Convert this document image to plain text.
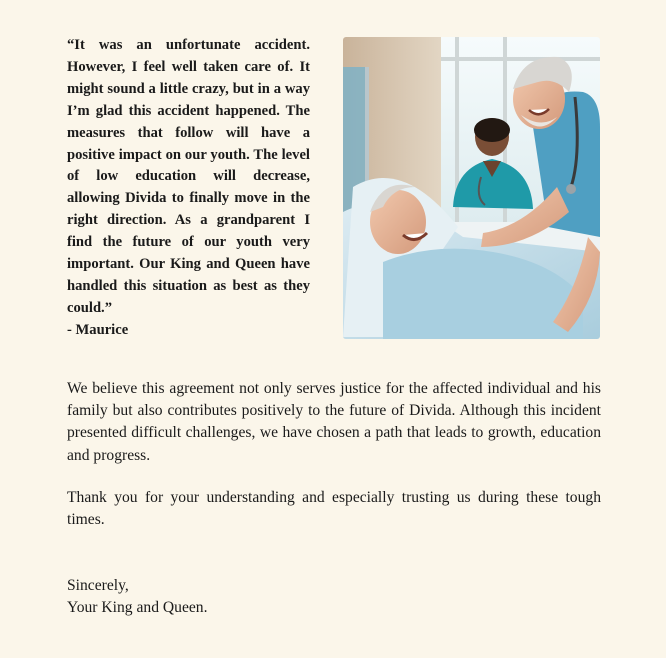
“It was an unfortunate accident. However, I feel well taken care of. It might sound a little crazy, but in a way I’m glad this accident happened. The measures that follow will have a positive impact on our youth. The level of low education will decrease, allowing Divida to finally move in the right direction. As a grandparent I find the future of our youth very important. Our King and Queen have handled this situation as best as they could.”

- Maurice

We believe this agreement not only serves justice for the affected individual and his family but also contributes positively to the future of Divida. Although this incident presented difficult challenges, we have chosen a path that leads to growth, education and progress.

Thank you for your understanding and especially trusting us during these tough times.

Sincerely,
Your King and Queen.
